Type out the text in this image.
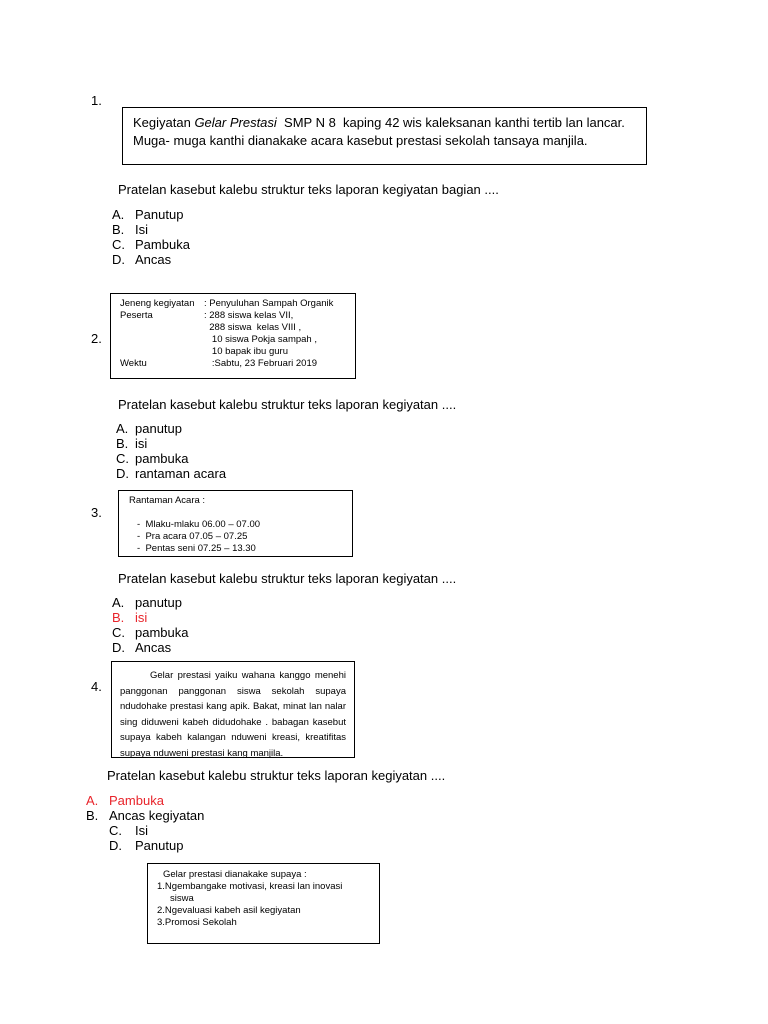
1.
Kegiyatan Gelar Prestasi  SMP N 8  kaping 42 wis kaleksanan kanthi tertib lan lancar.
Muga- muga kanthi dianakake acara kasebut prestasi sekolah tansaya manjila.
Pratelan kasebut kalebu struktur teks laporan kegiyatan bagian ....
A. Panutup
B. Isi
C. Pambuka
D. Ancas
2.
Jeneng kegiyatan	: Penyuluhan Sampah Organik
Peserta	: 288 siswa kelas VII,
288 siswa  kelas VIII ,
10 siswa Pokja sampah ,
10 bapak ibu guru
Wektu	:Sabtu, 23 Februari 2019
Pratelan kasebut kalebu struktur teks laporan kegiyatan ....
A. panutup
B. isi
C. pambuka
D. rantaman acara
3.
Rantaman Acara :
- Mlaku-mlaku 06.00 – 07.00
- Pra acara 07.05 – 07.25
- Pentas seni 07.25 – 13.30
Pratelan kasebut kalebu struktur teks laporan kegiyatan ....
A. panutup
B. isi
C. pambuka
D. Ancas
4.
Gelar prestasi yaiku wahana kanggo menehi panggonan panggonan siswa sekolah supaya ndudohake prestasi kang apik. Bakat, minat lan nalar sing diduweni kabeh didudohake . babagan kasebut supaya kabeh kalangan nduweni kreasi, kreatifitas supaya nduweni prestasi kang manjila.
Pratelan kasebut kalebu struktur teks laporan kegiyatan ....
A. Pambuka
B. Ancas kegiyatan
C.	Isi
D.	Panutup
Gelar prestasi dianakake supaya :
1.Ngembangake motivasi, kreasi lan inovasi
siswa
2.Ngevaluasi kabeh asil kegiyatan
3.Promosi Sekolah
